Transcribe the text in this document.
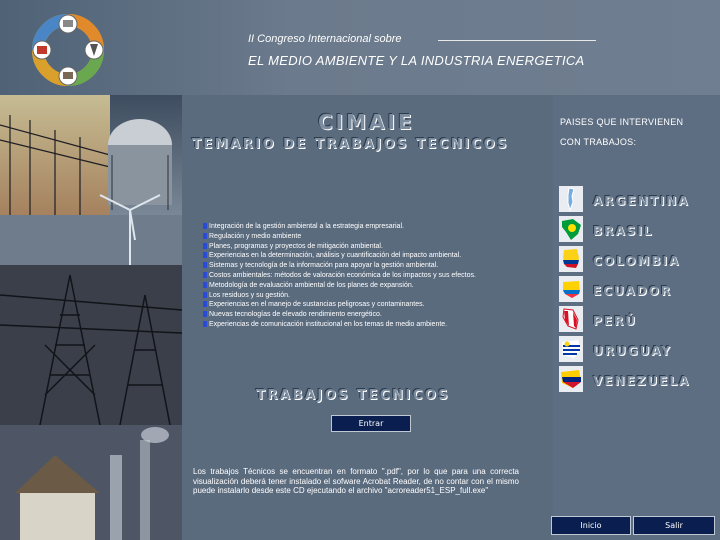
II Congreso Internacional sobre
EL MEDIO AMBIENTE Y LA INDUSTRIA ENERGETICA
CIMAIE
TEMARIO DE TRABAJOS TECNICOS
Integración de la gestión ambiental a la estrategia empresarial.
Regulación y medio ambiente
Planes, programas y proyectos de mitigación ambiental.
Experiencias en la determinación, análisis y cuantificación del impacto ambiental.
Sistemas y tecnología de la información para apoyar la gestión ambiental.
Costos ambientales: métodos de valoración económica de los impactos y sus efectos.
Metodología de evaluación ambiental de los planes de expansión.
Los residuos y su gestión.
Experiencias en el manejo de sustancias peligrosas y contaminantes.
Nuevas tecnologías de elevado rendimiento energético.
Experiencias de comunicación institucional en los temas de medio ambiente.
TRABAJOS TECNICOS
Entrar
Los trabajos Técnicos se encuentran en formato ".pdf", por lo que para una correcta visualización deberá tener instalado el sofware Acrobat Reader, de no contar con el mismo puede instalarlo desde este CD ejecutando el archivo "acroreader51_ESP_full.exe"
PAISES QUE INTERVIENEN
CON TRABAJOS:
ARGENTINA
BRASIL
COLOMBIA
ECUADOR
PERÚ
URUGUAY
VENEZUELA
Inicio	Salir
